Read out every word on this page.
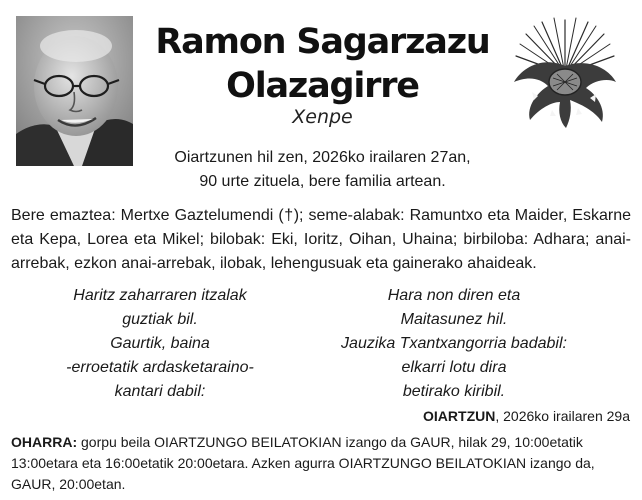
Ramon Sagarzazu
Olazagirre
Xenpe
Oiartzunen hil zen, 2026ko irailaren 27an,
90 urte zituela, bere familia artean.
Bere emaztea: Mertxe Gaztelumendi (†); seme-alabak: Ramuntxo eta Maider, Eskarne eta Kepa, Lorea eta Mikel; bilobak: Eki, Ioritz, Oihan, Uhaina; birbiloba: Adhara; anai-arrebak, ezkon anai-arrebak, ilobak, lehengusuak eta gainerako ahaideak.
Haritz zaharraren itzalak
guztiak bil.
Gaurtik, baina
-erroetatik ardasketaraino-
kantari dabil:
Hara non diren eta
Maitasunez hil.
Jauzika Txantxangorria badabil:
elkarri lotu dira
betirako kiribil.
OIARTZUN, 2026ko irailaren 29a
OHARRA: gorpu beila OIARTZUNGO BEILATOKIAN izango da GAUR, hilak 29, 10:00etatik 13:00etara eta 16:00etatik 20:00etara. Azken agurra OIARTZUNGO BEILATOKIAN izango da, GAUR, 20:00etan.
